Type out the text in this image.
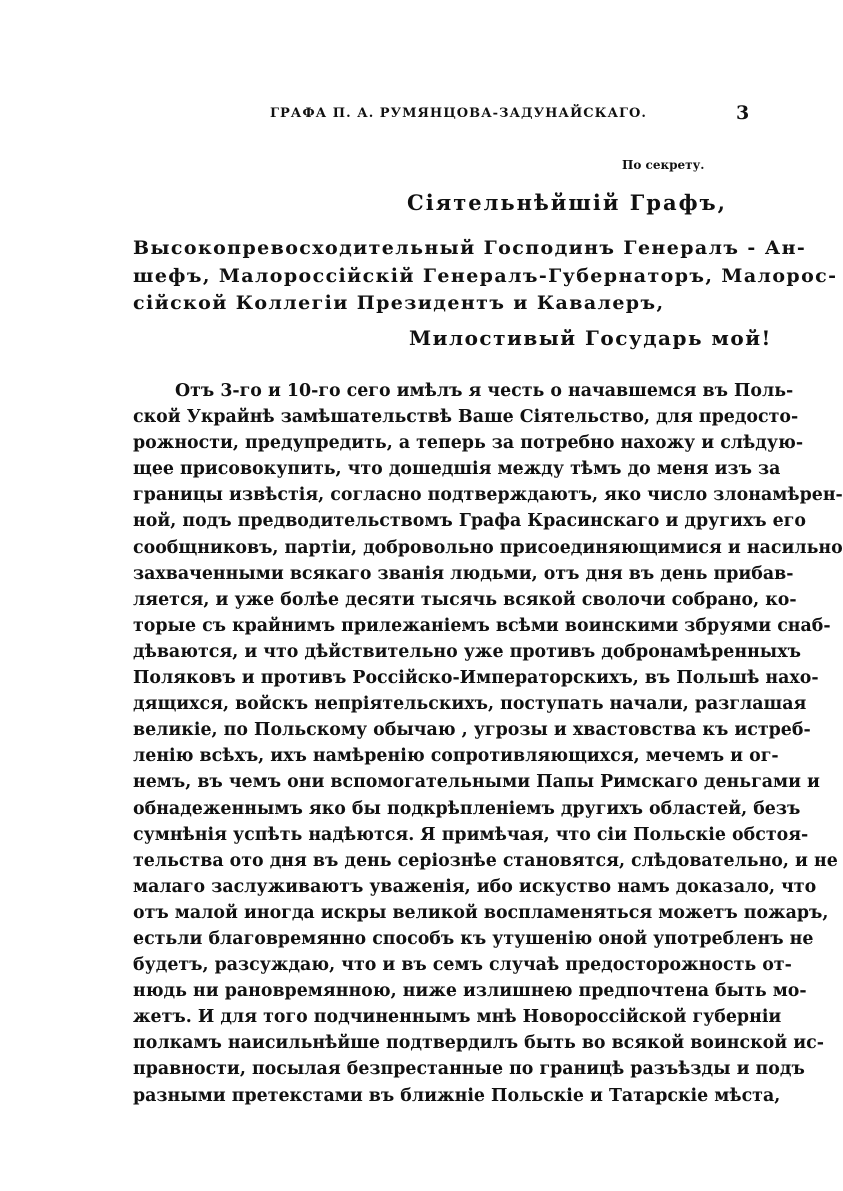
ГРАФА П. А. РУМЯНЦОВА-ЗАДУНАЙСКАГО.	3
По секрету.
Сіятельнѣйшій Графъ,
Высокопревосходительный Господинъ Генералъ - Ан-
шефъ, Малороссійскій Генералъ-Губернаторъ, Малорос-
сійской Коллегіи Президентъ и Кавалеръ,
Милостивый Государь мой!
Отъ 3-го и 10-го сего имѣлъ я честь о начавшемся въ Поль-
ской Украйнѣ замѣшательствѣ Ваше Сіятельство, для предосто-
рожности, предупредить, а теперь за потребно нахожу и слѣдую-
щее присовокупить, что дошедшія между тѣмъ до меня изъ за
границы извѣстія, согласно подтверждаютъ, яко число злонамѣрен-
ной, подъ предводительствомъ Графа Красинскаго и другихъ его
сообщниковъ, партіи, добровольно присоединяющимися и насильно
захваченными всякаго званія людьми, отъ дня въ день прибав-
ляется, и уже болѣе десяти тысячь всякой сволочи собрано, ко-
торые съ крайнимъ прилежаніемъ всѣми воинскими збруями снаб-
дѣваются, и что дѣйствительно уже противъ добронамѣренныхъ
Поляковъ и противъ Россійско-Императорскихъ, въ Польшѣ нахо-
дящихся, войскъ непріятельскихъ, поступать начали, разглашая
великіе, по Польскому обычаю , угрозы и хвастовства къ истреб-
ленію всѣхъ, ихъ намѣренію сопротивляющихся, мечемъ и ог-
немъ, въ чемъ они вспомогательными Папы Римскаго деньгами и
обнадеженнымъ яко бы подкрѣпленіемъ другихъ областей, безъ
сумнѣнія успѣть надѣются. Я примѣчая, что сіи Польскіе обстоя-
тельства ото дня въ день серіознѣе становятся, слѣдовательно, и не
малаго заслуживаютъ уваженія, ибо искуство намъ доказало, что
отъ малой иногда искры великой воспламеняться можетъ пожаръ,
естьли благовремянно способъ къ утушенію оной употребленъ не
будетъ, разсуждаю, что и въ семъ случаѣ предосторожность от-
нюдь ни рановремянною, ниже излишнею предпочтена быть мо-
жетъ. И для того подчиненнымъ мнѣ Новороссійской губерніи
полкамъ наисильнѣйше подтвердилъ быть во всякой воинской ис-
правности, посылая безпрестанные по границѣ разъѣзды и подъ
разными претекстами въ ближніе Польскіе и Татарскіе мѣста,
